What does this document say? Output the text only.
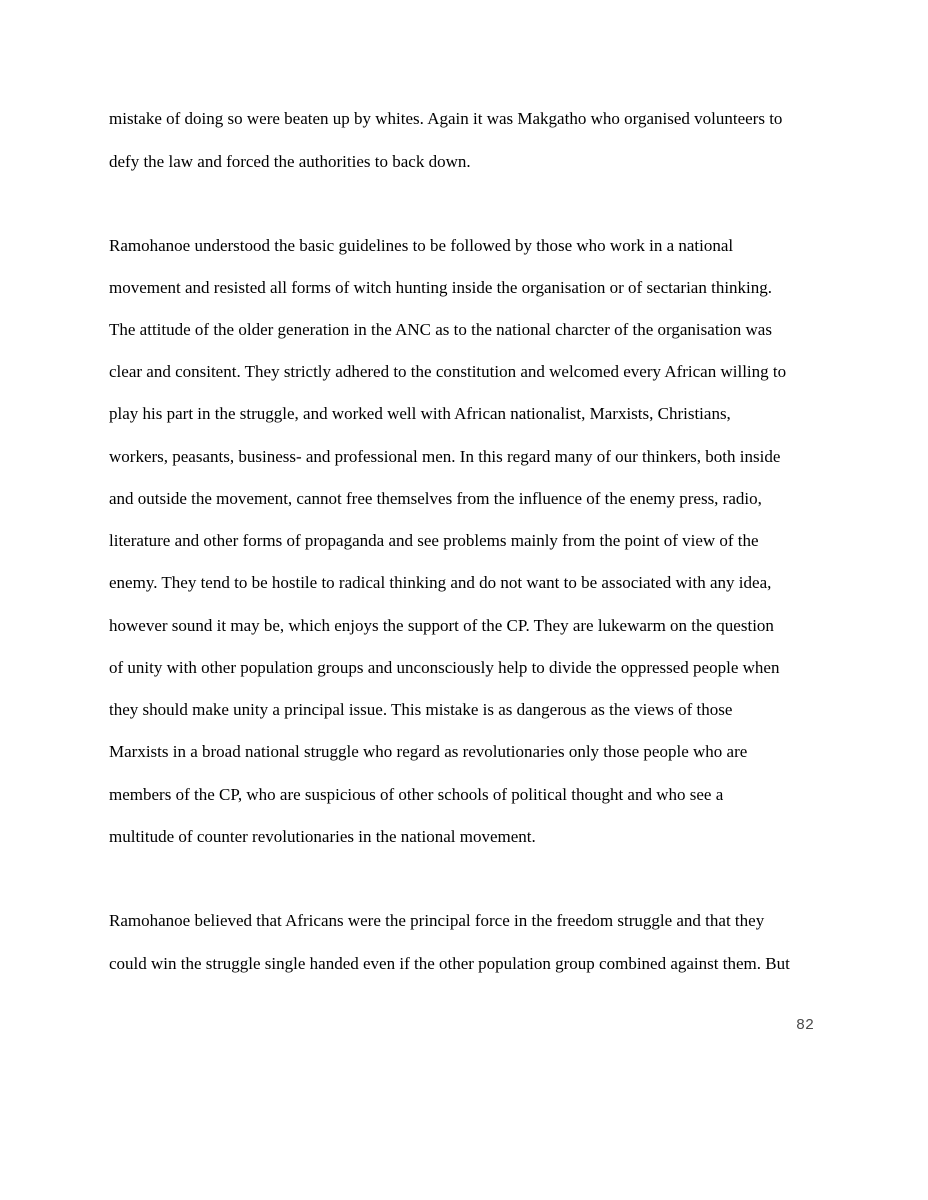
mistake of doing so were beaten up by whites. Again it was Makgatho who organised volunteers to
defy the law and forced the authorities to back down.
Ramohanoe understood the basic guidelines to be followed by those who work in a national
movement and resisted all forms of witch hunting inside the organisation or of sectarian thinking.
The attitude of the older generation in the ANC as to the national charcter of the organisation was
clear and consitent. They strictly adhered to the constitution and welcomed every African willing to
play his part in the struggle, and worked well with African nationalist, Marxists, Christians,
workers, peasants, business- and professional men. In this regard many of our thinkers, both inside
and outside the movement, cannot free themselves from the influence of the enemy press, radio,
literature and other forms of propaganda and see problems mainly from the point of view of the
enemy. They tend to be hostile to radical thinking and do not want to be associated with any idea,
however sound it may be, which enjoys the support of the CP. They are lukewarm on the question
of unity with other population groups and unconsciously help to divide the oppressed people when
they should make unity a principal issue. This mistake is as dangerous as the views of those
Marxists in a broad national struggle who regard as revolutionaries only those people who are
members of the CP, who are suspicious of other schools of political thought and who see a
multitude of counter revolutionaries in the national movement.
Ramohanoe believed that Africans were the principal force in the freedom struggle and that they
could win the struggle single handed even if the other population group combined against them. But
82
